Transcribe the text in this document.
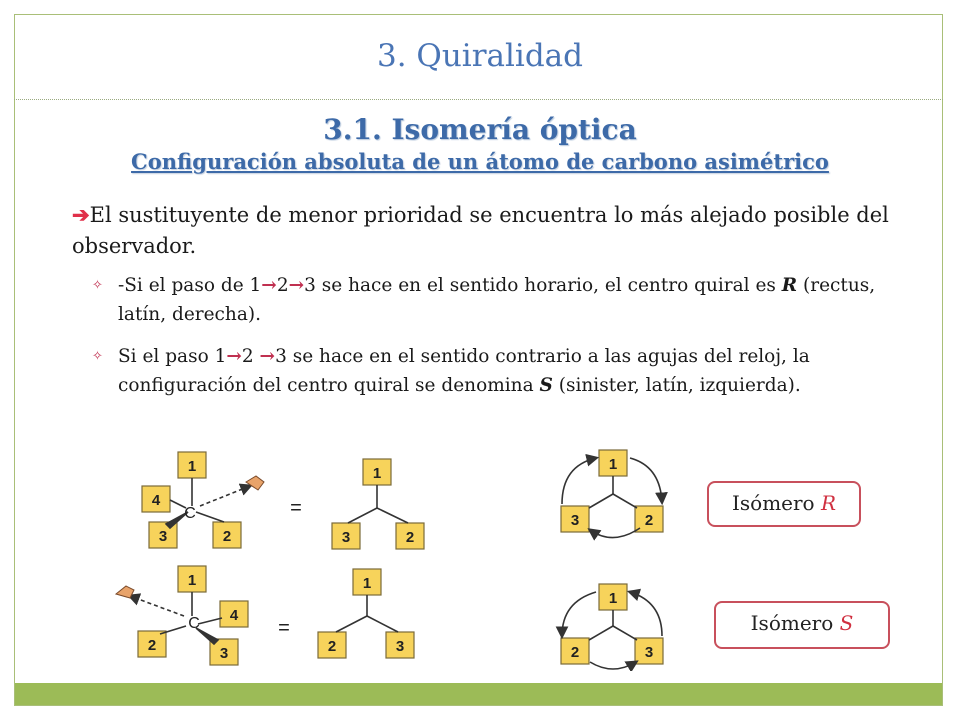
3. Quiralidad
3.1. Isomería óptica
Configuración absoluta de un átomo de carbono asimétrico
➔El sustituyente de menor prioridad se encuentra lo más alejado posible del observador.
✧ -Si el paso de 1→2→3 se hace en el sentido horario, el centro quiral es R (rectus, latín, derecha).
✧ Si el paso 1→2 →3 se hace en el sentido contrario a las agujas del reloj, la configuración del centro quiral se denomina S (sinister, latín, izquierda).
1
4
3	2
1
3	2
1
4
2	3
1
2	3
1
3	2
1
2	3
C
C
=
=
Isómero R
Isómero S
